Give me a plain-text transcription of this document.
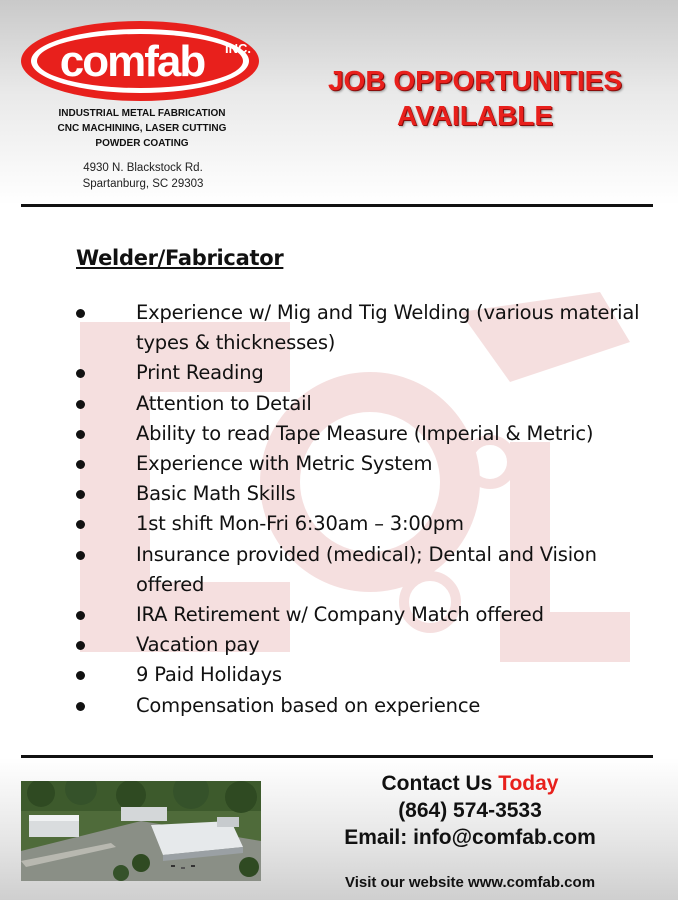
comfab INC.
INDUSTRIAL METAL FABRICATION
CNC MACHINING, LASER CUTTING
POWDER COATING
4930 N. Blackstock Rd.
Spartanburg, SC 29303
JOB OPPORTUNITIES
AVAILABLE
Welder/Fabricator
Experience w/ Mig and Tig Welding (various material types & thicknesses)
Print Reading
Attention to Detail
Ability to read Tape Measure (Imperial & Metric)
Experience with Metric System
Basic Math Skills
1st shift Mon-Fri 6:30am – 3:00pm
Insurance provided (medical); Dental and Vision offered
IRA Retirement w/ Company Match offered
Vacation pay
9 Paid Holidays
Compensation based on experience
Contact Us Today
(864) 574-3533
Email: info@comfab.com
Visit our website www.comfab.com
